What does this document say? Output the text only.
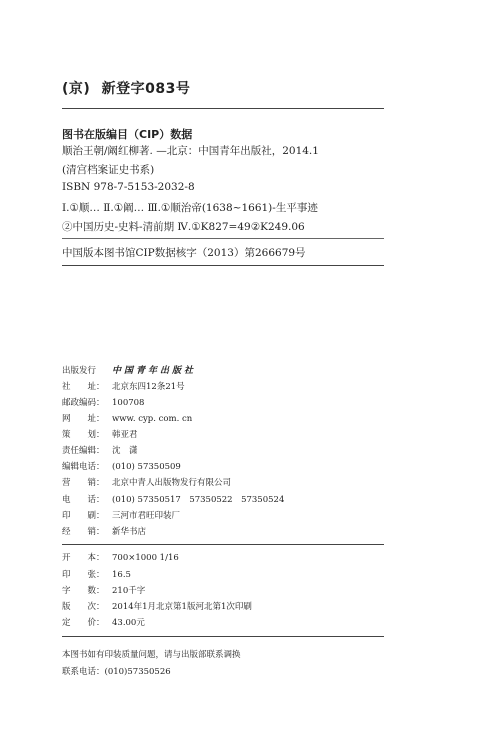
(京) 新登字083号
图书在版编目（CIP）数据
顺治王朝/阚红柳著. —北京：中国青年出版社，2014.1
(清宫档案证史书系)
ISBN 978-7-5153-2032-8
Ⅰ.①顺… Ⅱ.①阚… Ⅲ.①顺治帝(1638~1661)-生平事迹
②中国历史-史料-清前期 Ⅳ.①K827=49②K249.06
中国版本图书馆CIP数据核字（2013）第266679号
出版发行 中国青年出版社
社　　址： 北京东四12条21号
邮政编码： 100708
网　　址： www. cyp. com. cn
策　　划： 韩亚君
责任编辑： 沈　潇
编辑电话： (010) 57350509
营　　销： 北京中青人出版物发行有限公司
电　　话： (010) 57350517　57350522　57350524
印　　刷： 三河市君旺印装厂
经　　销： 新华书店
开　　本： 700×1000 1/16
印　　张： 16.5
字　　数： 210千字
版　　次： 2014年1月北京第1版河北第1次印刷
定　　价： 43.00元
本图书如有印装质量问题，请与出版部联系调换
联系电话：(010)57350526
